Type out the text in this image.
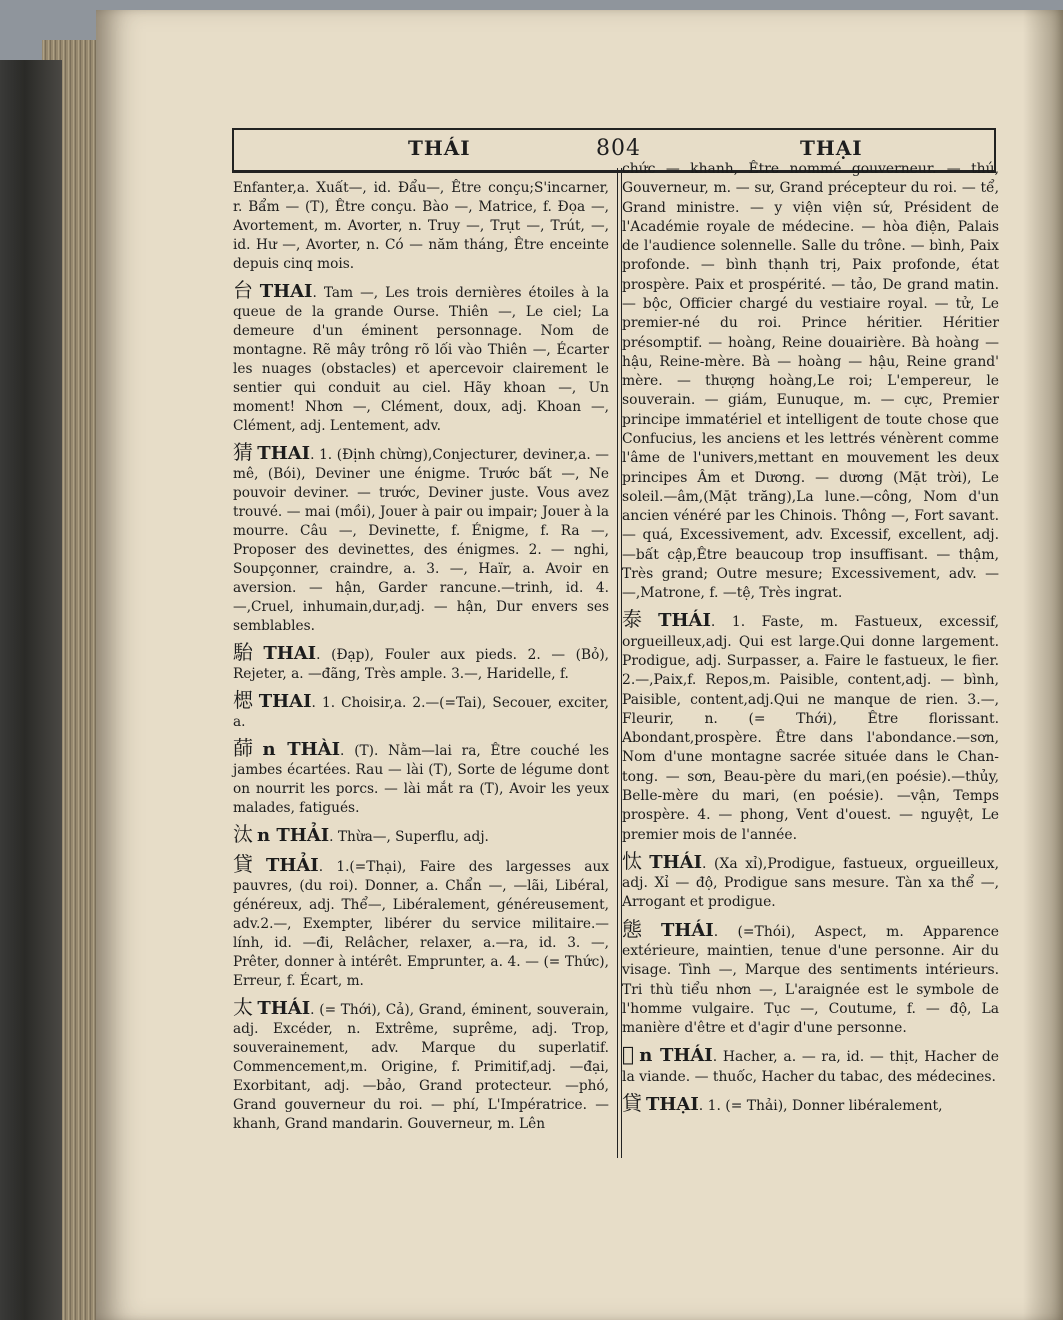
THÁI	804	THẠI

Enfanter,a. Xuất—, id. Đẩu—, Être conçu;S'incarner, r. Bẩm — (T), Être conçu. Bào —, Matrice, f. Đọa —, Avortement, m. Avorter, n. Truy —, Trụt —, Trút, —, id. Hư —, Avorter, n. Có — năm tháng, Être enceinte depuis cinq mois.

台 THAI. Tam —, Les trois dernières étoiles à la queue de la grande Ourse. Thiên —, Le ciel; La demeure d'un éminent personnage. Nom de montagne. Rẽ mây trông rõ lối vào Thiên —, Écarter les nuages (obstacles) et apercevoir clairement le sentier qui conduit au ciel. Hãy khoan —, Un moment! Nhơn —, Clément, doux, adj. Khoan —, Clément, adj. Lentement, adv.

猜 THAI. 1. (Định chừng),Conjecturer, deviner,a. —mê, (Bói), Deviner une énigme. Trước bất —, Ne pouvoir deviner. — trước, Deviner juste. Vous avez trouvé. — mai (mồi), Jouer à pair ou impair; Jouer à la mourre. Câu —, Devinette, f. Énigme, f. Ra —, Proposer des devinettes, des énigmes. 2. — nghi, Soupçonner, craindre, a. 3. —, Haïr, a. Avoir en aversion. — hận, Garder rancune.—trinh, id. 4.—,Cruel, inhumain,dur,adj. — hận, Dur envers ses semblables.

駘 THAI. (Đạp), Fouler aux pieds. 2. — (Bỏ), Rejeter, a. —đãng, Très ample. 3.—, Haridelle, f.

楒 THAI. 1. Choisir,a. 2.—(=Tai), Secouer, exciter, a.

蒒 n THÀI. (T). Nằm—lai ra, Être couché les jambes écartées. Rau — lài (T), Sorte de légume dont on nourrit les porcs. — lài mắt ra (T), Avoir les yeux malades, fatigués.

汰 n THẢI. Thừa—, Superflu, adj.

貸 THẢI. 1.(=Thại), Faire des largesses aux pauvres, (du roi). Donner, a. Chẩn —, —lãi, Libéral, généreux, adj. Thể—, Libéralement, généreusement, adv.2.—, Exempter, libérer du service militaire.— lính, id. —đi, Relâcher, relaxer, a.—ra, id. 3. —, Prêter, donner à intérêt. Emprunter, a. 4. — (= Thức), Erreur, f. Écart, m.

太 THÁI. (= Thới), Cả), Grand, éminent, souverain, adj. Excéder, n. Extrême, suprême, adj. Trop, souverainement, adv. Marque du superlatif. Commencement,m. Origine, f. Primitif,adj. —đại, Exorbitant, adj. —bảo, Grand protecteur. —phó, Grand gouverneur du roi. — phí, L'Impératrice. — khanh, Grand mandarin. Gouverneur, m. Lên

chức — khanh, Être nommé gouverneur. — thú, Gouverneur, m. — sư, Grand précepteur du roi. — tể, Grand ministre. — y viện viện sứ, Président de l'Académie royale de médecine. — hòa điện, Palais de l'audience solennelle. Salle du trône. — bình, Paix profonde. — bình thạnh trị, Paix profonde, état prospère. Paix et prospérité. — tảo, De grand matin. — bộc, Officier chargé du vestiaire royal. — tử, Le premier-né du roi. Prince héritier. Héritier présomptif. — hoàng, Reine douairière. Bà hoàng — hậu, Reine-mère. Bà — hoàng — hậu, Reine grand' mère. — thượng hoàng,Le roi; L'empereur, le souverain. — giám, Eunuque, m. — cực, Premier principe immatériel et intelligent de toute chose que Confucius, les anciens et les lettrés vénèrent comme l'âme de l'univers,mettant en mouvement les deux principes Âm et Dương. — dương (Mặt trời), Le soleil.—âm,(Mặt trăng),La lune.—công, Nom d'un ancien vénéré par les Chinois. Thông —, Fort savant. — quá, Excessivement, adv. Excessif, excellent, adj. —bất cập,Être beaucoup trop insuffisant. — thậm, Très grand; Outre mesure; Excessivement, adv. — —,Matrone, f. —tệ, Très ingrat.

泰 THÁI. 1. Faste, m. Fastueux, excessif, orgueilleux,adj. Qui est large.Qui donne largement. Prodigue, adj. Surpasser, a. Faire le fastueux, le fier. 2.—,Paix,f. Repos,m. Paisible, content,adj. — bình, Paisible, content,adj.Qui ne manque de rien. 3.—, Fleurir, n. (= Thới), Être florissant. Abondant,prospère. Être dans l'abondance.—sơn, Nom d'une montagne sacrée située dans le Chan-tong. — sơn, Beau-père du mari,(en poésie).—thủy, Belle-mère du mari, (en poésie). —vận, Temps prospère. 4. — phong, Vent d'ouest. — nguyệt, Le premier mois de l'année.

忲 THÁI. (Xa xỉ),Prodigue, fastueux, orgueilleux, adj. Xỉ — độ, Prodigue sans mesure. Tàn xa thể —, Arrogant et prodigue.

態 THÁI. (=Thói), Aspect, m. Apparence extérieure, maintien, tenue d'une personne. Air du visage. Tình —, Marque des sentiments intérieurs. Tri thù tiểu nhơn —, L'araignée est le symbole de l'homme vulgaire. Tục —, Coutume, f. — độ, La manière d'être et d'agir d'une personne.

𠛌 n THÁI. Hacher, a. — ra, id. — thịt, Hacher de la viande. — thuốc, Hacher du tabac, des médecines.

貸 THẠI. 1. (= Thải), Donner libéralement,
